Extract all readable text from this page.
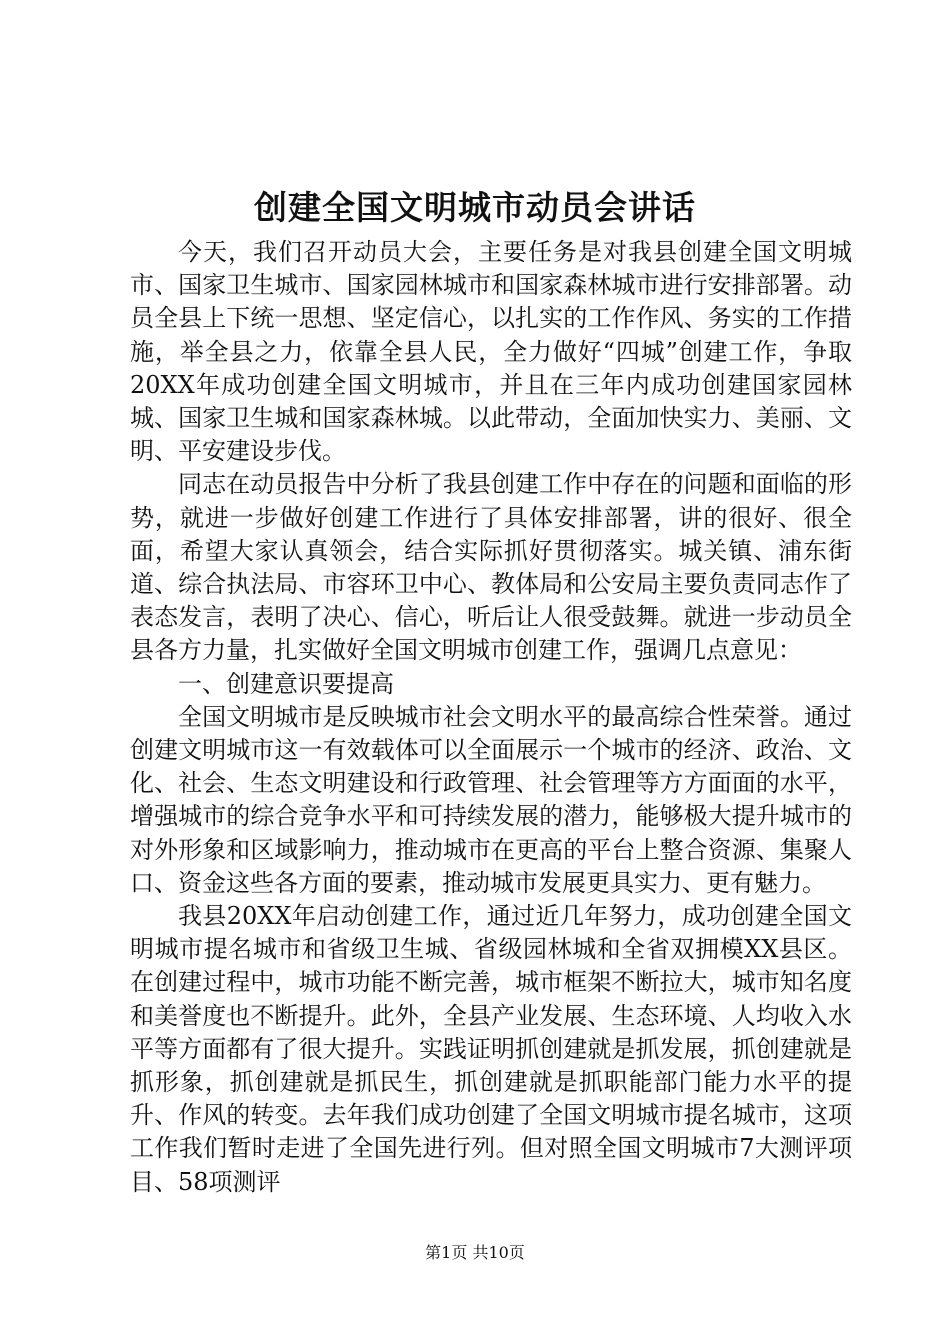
创建全国文明城市动员会讲话

今天，我们召开动员大会，主要任务是对我县创建全国文明城市、国家卫生城市、国家园林城市和国家森林城市进行安排部署。动员全县上下统一思想、坚定信心，以扎实的工作作风、务实的工作措施，举全县之力，依靠全县人民，全力做好“四城”创建工作，争取20XX年成功创建全国文明城市，并且在三年内成功创建国家园林城、国家卫生城和国家森林城。以此带动，全面加快实力、美丽、文明、平安建设步伐。

同志在动员报告中分析了我县创建工作中存在的问题和面临的形势，就进一步做好创建工作进行了具体安排部署，讲的很好、很全面，希望大家认真领会，结合实际抓好贯彻落实。城关镇、浦东街道、综合执法局、市容环卫中心、教体局和公安局主要负责同志作了表态发言，表明了决心、信心，听后让人很受鼓舞。就进一步动员全县各方力量，扎实做好全国文明城市创建工作，强调几点意见：

一、创建意识要提高

全国文明城市是反映城市社会文明水平的最高综合性荣誉。通过创建文明城市这一有效载体可以全面展示一个城市的经济、政治、文化、社会、生态文明建设和行政管理、社会管理等方方面面的水平，增强城市的综合竞争水平和可持续发展的潜力，能够极大提升城市的对外形象和区域影响力，推动城市在更高的平台上整合资源、集聚人口、资金这些各方面的要素，推动城市发展更具实力、更有魅力。

我县20XX年启动创建工作，通过近几年努力，成功创建全国文明城市提名城市和省级卫生城、省级园林城和全省双拥模XX县区。在创建过程中，城市功能不断完善，城市框架不断拉大，城市知名度和美誉度也不断提升。此外，全县产业发展、生态环境、人均收入水平等方面都有了很大提升。实践证明抓创建就是抓发展，抓创建就是抓形象，抓创建就是抓民生，抓创建就是抓职能部门能力水平的提升、作风的转变。去年我们成功创建了全国文明城市提名城市，这项工作我们暂时走进了全国先进行列。但对照全国文明城市7大测评项目、58项测评

第1页 共10页
